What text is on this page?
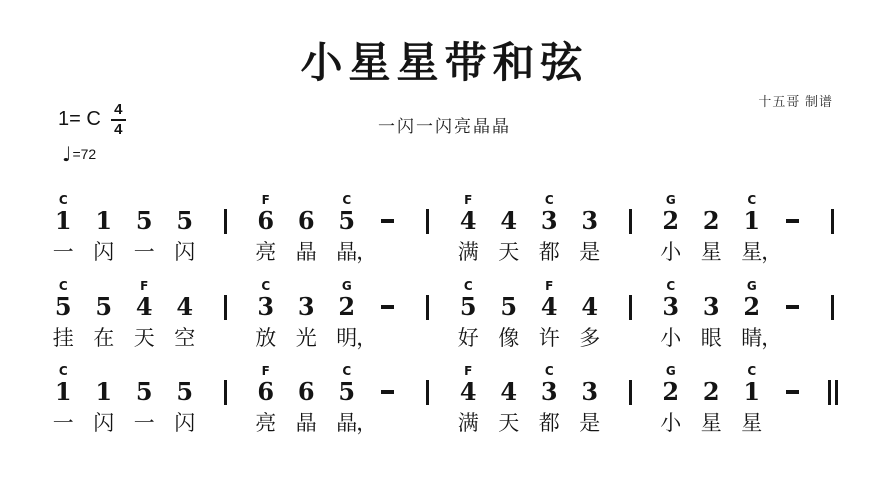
小星星带和弦
十五哥 制谱
一闪一闪亮晶晶
1= C $\frac{4}{4}$
♩ =72
C
1
一
1
闪
5
一
5
闪
F
6
亮
6
晶
C
5
晶
，
F
4
满
4
天
C
3
都
3
是
G
2
小
2
星
C
1
星
，
C
5
挂
5
在
F
4
天
4
空
C
3
放
3
光
G
2
明
，
C
5
好
5
像
F
4
许
4
多
C
3
小
3
眼
G
2
睛
，
C
1
一
1
闪
5
一
5
闪
F
6
亮
6
晶
C
5
晶
，
F
4
满
4
天
C
3
都
3
是
G
2
小
2
星
C
1
星
